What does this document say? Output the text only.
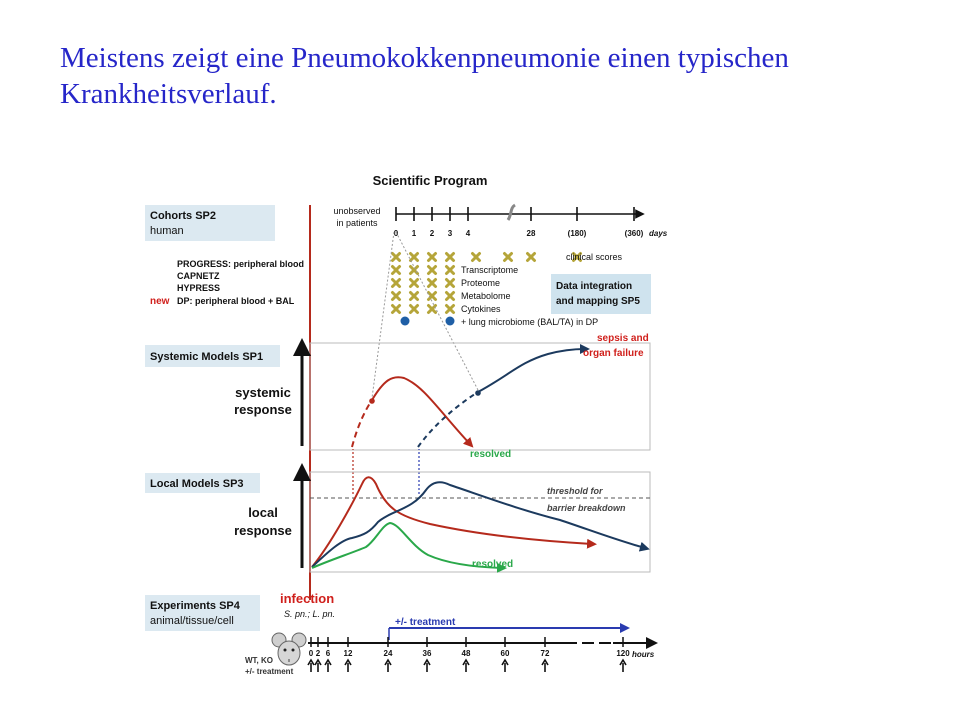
Meistens zeigt eine Pneumokokkenpneumonie einen typischen Krankheitsverlauf.
Scientific Program
Cohorts SP2
human
Systemic Models SP1
Local Models SP3
Experiments SP4
animal/tissue/cell
PROGRESS: peripheral blood
CAPNETZ
HYPRESS
new DP: peripheral blood + BAL
unobserved
in patients
0 1 2 3 4	28	(180)	(360) days
clinical scores
Transcriptome
Proteome
Metabolome
Cytokines
+ lung microbiome (BAL/TA) in DP
Data integration
and mapping SP5
systemic
response
sepsis and
organ failure
resolved
local
response
threshold for
barrier breakdown
resolved
infection
S. pn.; L. pn.
+/- treatment
WT, KO
+/- treatment
0 2 6 12	24	36	48	60	72	120 hours
